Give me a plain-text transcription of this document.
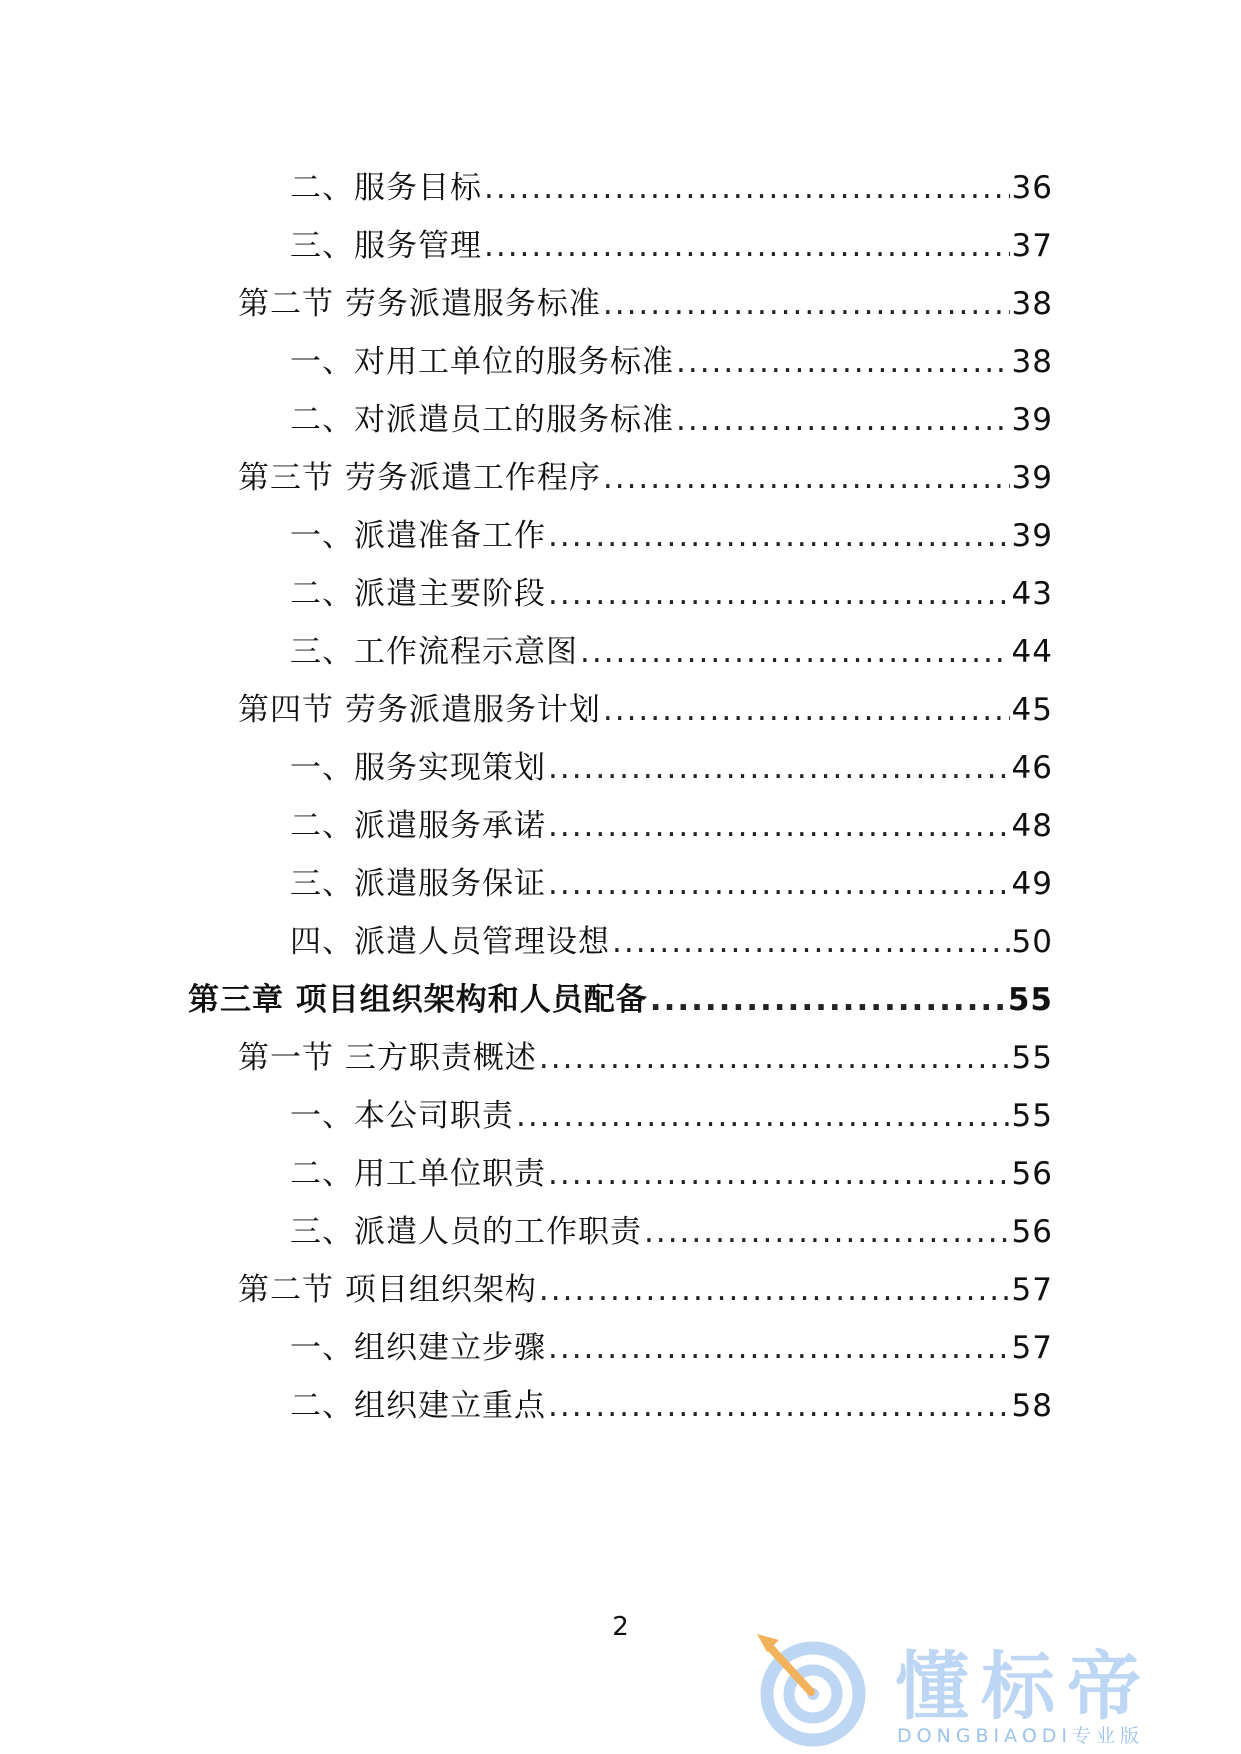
二、服务目标 .....	36
三、服务管理 .....	37
第二节 劳务派遣服务标准 .....	38
一、对用工单位的服务标准 .....	38
二、对派遣员工的服务标准 .....	39
第三节 劳务派遣工作程序 .....	39
一、派遣准备工作 .....	39
二、派遣主要阶段 .....	43
三、工作流程示意图 .....	44
第四节 劳务派遣服务计划 .....	45
一、服务实现策划 .....	46
二、派遣服务承诺 .....	48
三、派遣服务保证 .....	49
四、派遣人员管理设想 .....	50
第三章 项目组织架构和人员配备 .....	55
第一节 三方职责概述 .....	55
一、本公司职责 .....	55
二、用工单位职责 .....	56
三、派遣人员的工作职责 .....	56
第二节 项目组织架构 .....	57
一、组织建立步骤 .....	57
二、组织建立重点 .....	58
2
懂标帝
DONGBIAODI专业版
